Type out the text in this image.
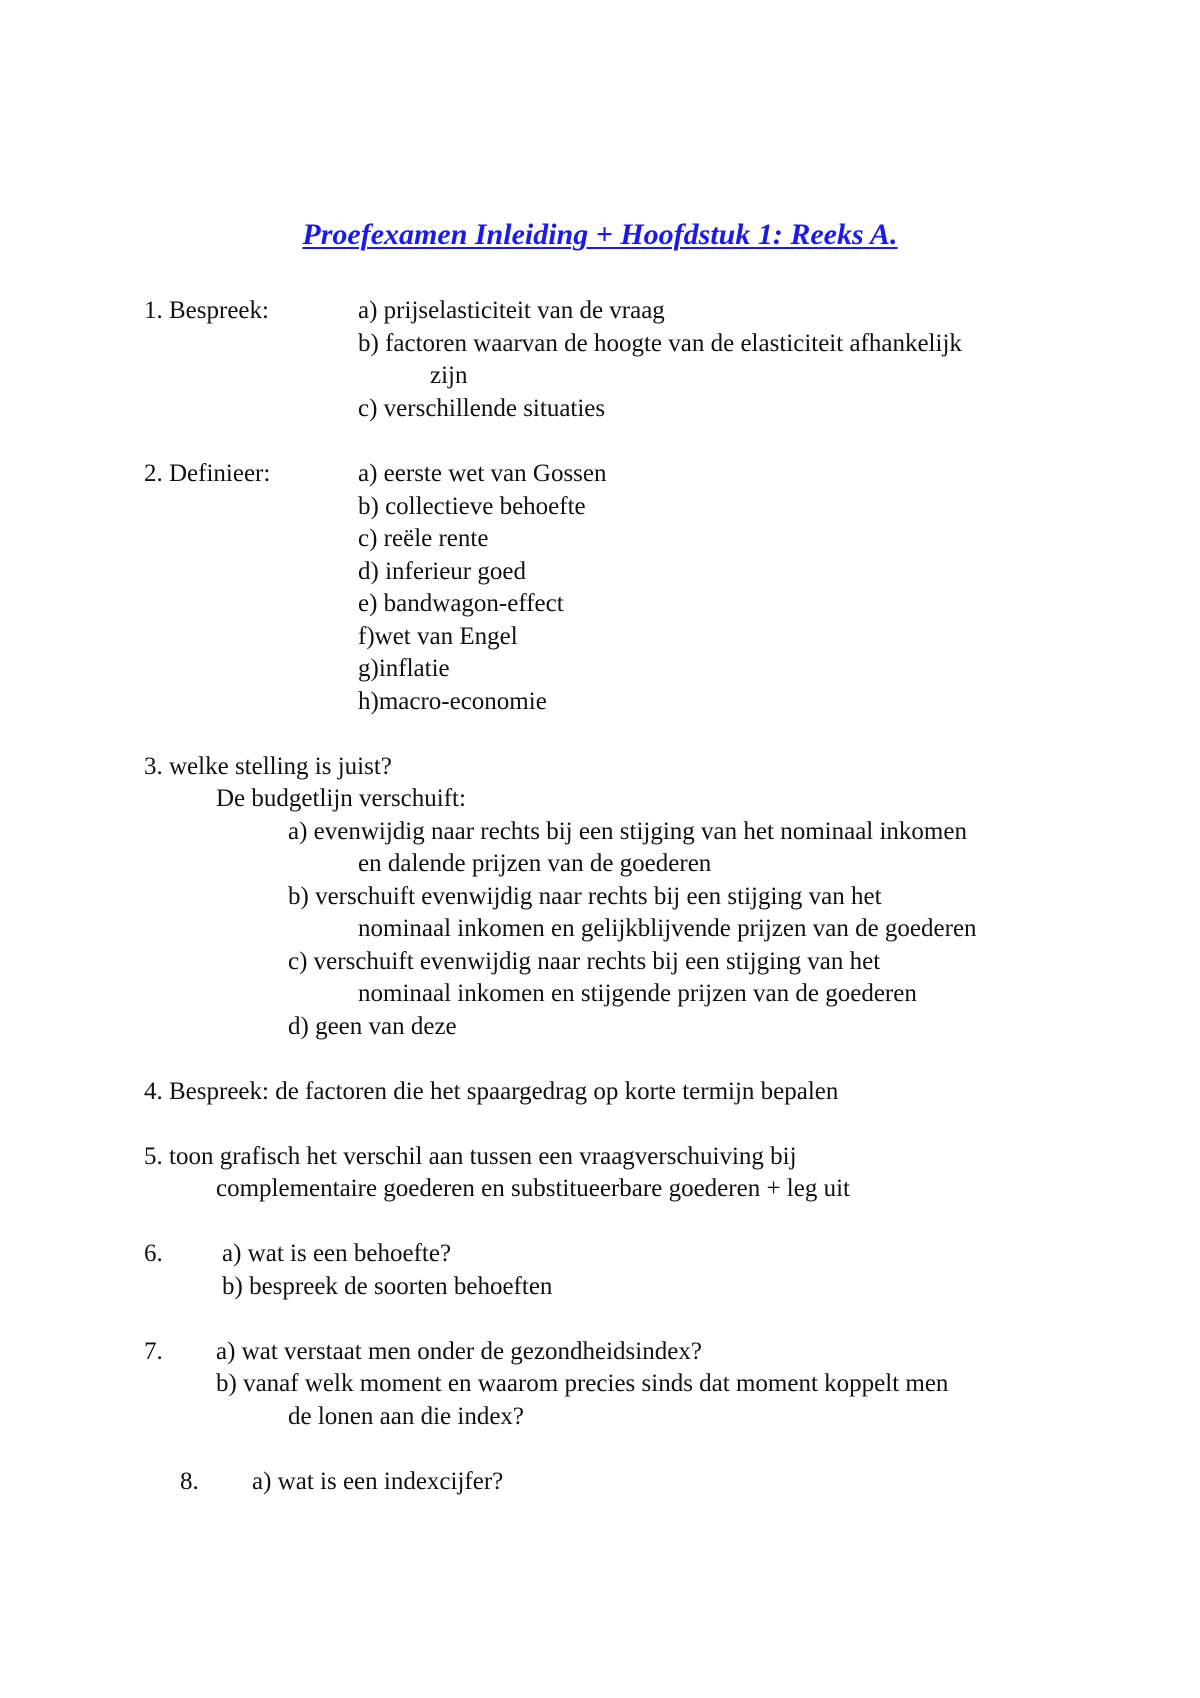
Proefexamen Inleiding + Hoofdstuk 1: Reeks A.
1. Bespreek:	a) prijselasticiteit van de vraag
b) factoren waarvan de hoogte van de elasticiteit afhankelijk
zijn
c) verschillende situaties
2. Definieer:	a) eerste wet van Gossen
b) collectieve behoefte
c) reële rente
d) inferieur goed
e) bandwagon-effect
f)wet van Engel
g)inflatie
h)macro-economie
3. welke stelling is juist?
De budgetlijn verschuift:
a) evenwijdig naar rechts bij een stijging van het nominaal inkomen
en dalende prijzen van de goederen
b) verschuift evenwijdig naar rechts bij een stijging van het
nominaal inkomen en gelijkblijvende prijzen van de goederen
c) verschuift evenwijdig naar rechts bij een stijging van het
nominaal inkomen en stijgende prijzen van de goederen
d) geen van deze
4. Bespreek: de factoren die het spaargedrag op korte termijn bepalen
5. toon grafisch het verschil aan tussen een vraagverschuiving bij
complementaire goederen en substitueerbare goederen + leg uit
6. a) wat is een behoefte?
b) bespreek de soorten behoeften
7. a) wat verstaat men onder de gezondheidsindex?
b) vanaf welk moment en waarom precies sinds dat moment koppelt men
de lonen aan die index?
8. a) wat is een indexcijfer?
